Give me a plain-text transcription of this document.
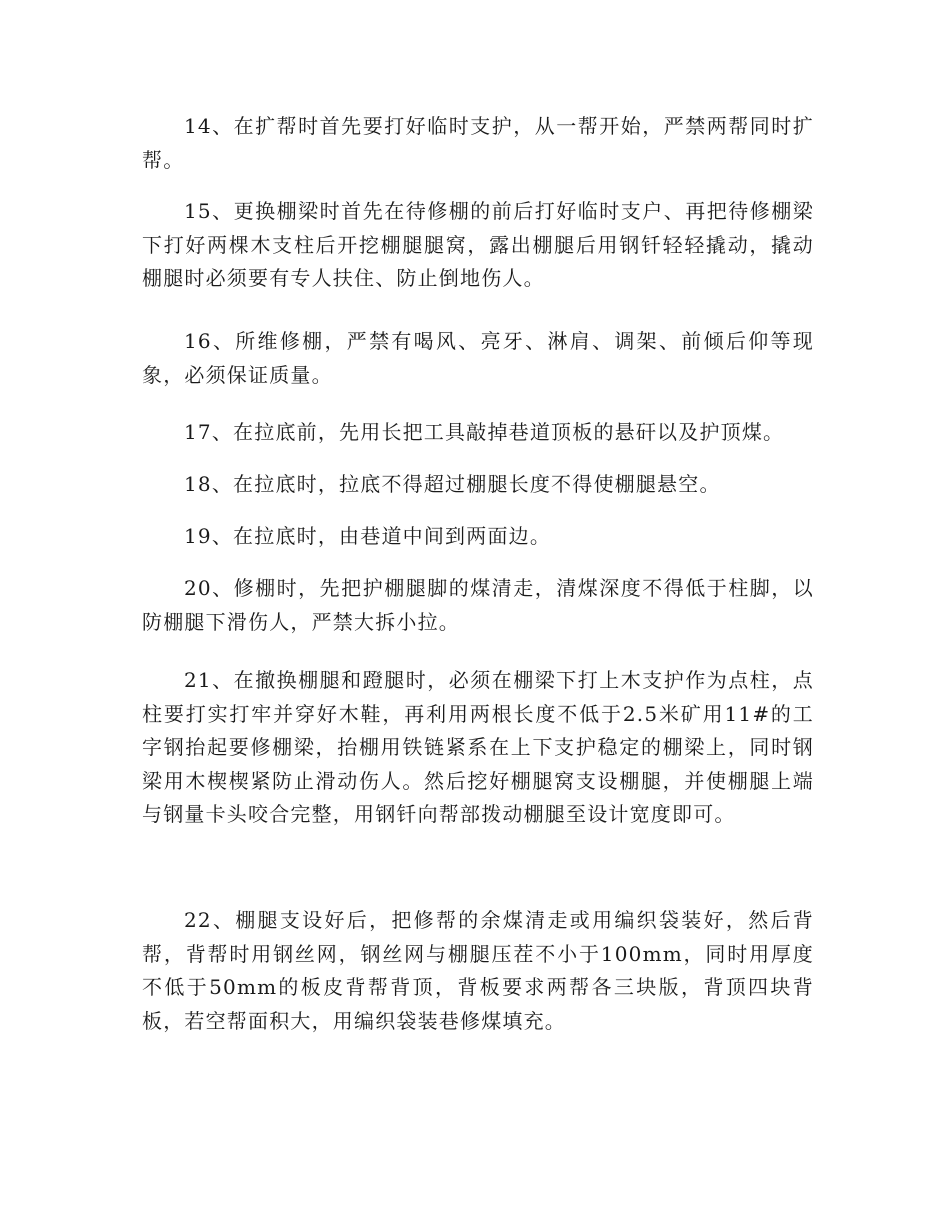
14、在扩帮时首先要打好临时支护，从一帮开始，严禁两帮同时扩帮。

15、更换棚梁时首先在待修棚的前后打好临时支户、再把待修棚梁下打好两棵木支柱后开挖棚腿腿窝，露出棚腿后用钢钎轻轻撬动，撬动棚腿时必须要有专人扶住、防止倒地伤人。

16、所维修棚，严禁有喝风、亮牙、淋肩、调架、前倾后仰等现象，必须保证质量。

17、在拉底前，先用长把工具敲掉巷道顶板的悬矸以及护顶煤。

18、在拉底时，拉底不得超过棚腿长度不得使棚腿悬空。

19、在拉底时，由巷道中间到两面边。

20、修棚时，先把护棚腿脚的煤清走，清煤深度不得低于柱脚，以防棚腿下滑伤人，严禁大拆小拉。

21、在撤换棚腿和蹬腿时，必须在棚梁下打上木支护作为点柱，点柱要打实打牢并穿好木鞋，再利用两根长度不低于2.5米矿用11#的工字钢抬起要修棚梁，抬棚用铁链紧系在上下支护稳定的棚梁上，同时钢梁用木楔楔紧防止滑动伤人。然后挖好棚腿窝支设棚腿，并使棚腿上端与钢量卡头咬合完整，用钢钎向帮部拨动棚腿至设计宽度即可。

22、棚腿支设好后，把修帮的余煤清走或用编织袋装好，然后背帮，背帮时用钢丝网，钢丝网与棚腿压茬不小于100mm，同时用厚度不低于50mm的板皮背帮背顶，背板要求两帮各三块版，背顶四块背板，若空帮面积大，用编织袋装巷修煤填充。
